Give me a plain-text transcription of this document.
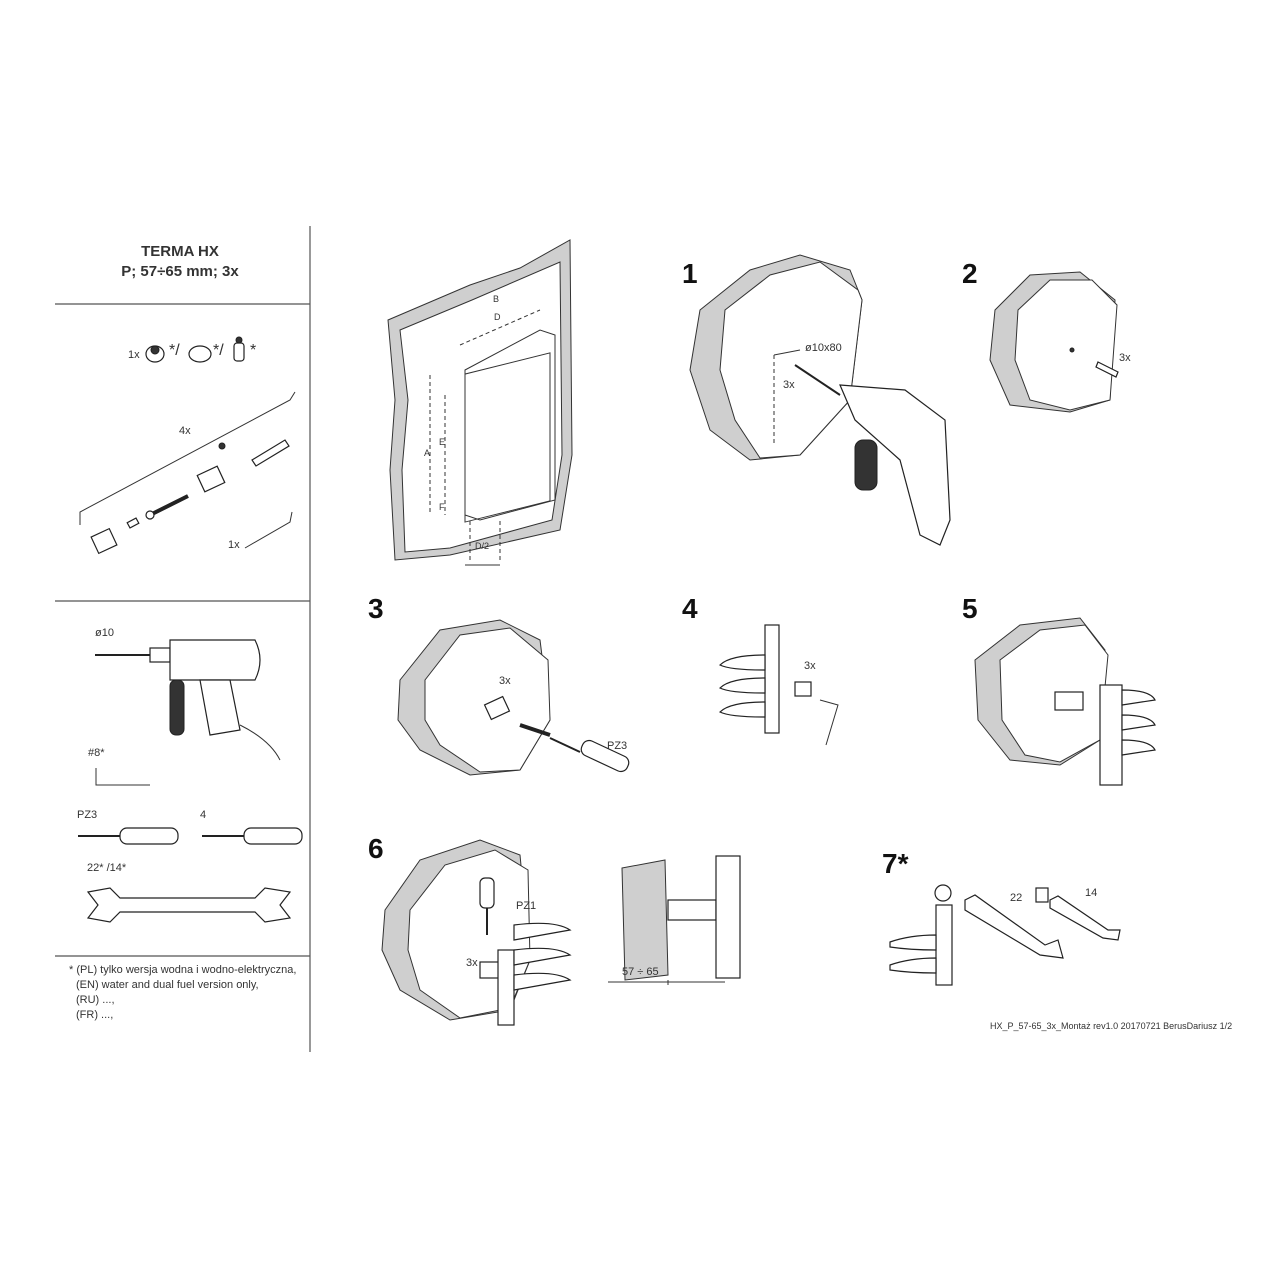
TERMA HX
P; 57÷65 mm; 3x
1x */ */ *
4x
1x
ø10
#8*
PZ3	4
22* /14*
* (PL) tylko wersja wodna i wodno-elektryczna,
(EN) water and dual fuel version only,
(RU) ...,
(FR) ...,
B
D
A
E
F
D/2
1
ø10x80
3x
2
3x
3
3x
PZ3
4
3x
5
6
PZ1
3x
57 ÷ 65
7*
22	14
HX_P_57-65_3x_Montaż rev1.0 20170721 BerusDariusz 1/2
